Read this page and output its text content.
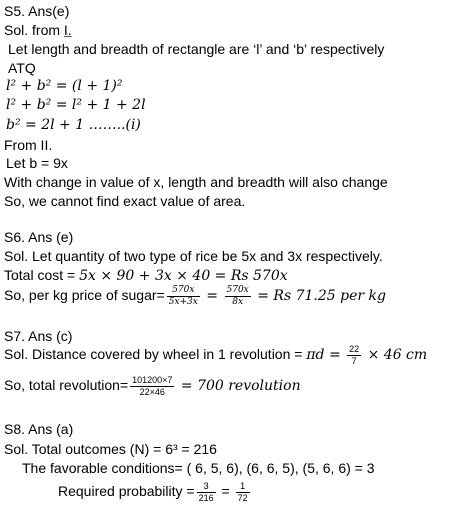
S5. Ans(e)
Sol. from I.
Let length and breadth of rectangle are ‘l’ and ‘b’ respectively
ATQ
l² + b² = (l + 1)²
l² + b² = l² + 1 + 2l
b² = 2l + 1 ……..(i)
From II.
Let b = 9x
With change in value of x, length and breadth will also change
So, we cannot find exact value of area.
S6. Ans (e)
Sol. Let quantity of two type of rice be 5x and 3x respectively.
Total cost = 5x × 90 + 3x × 40 = Rs 570x
So, per kg price of sugar= $\frac{570x}{5x+3x} = \frac{570x}{8x} = Rs$ 71.25 per kg
S7. Ans (c)
Sol. Distance covered by wheel in 1 revolution = $\pi d = \frac{22}{7} \times 46$ cm
So, total revolution= $\frac{101200\times 7}{22\times 46} = 700$ revolution
S8. Ans (a)
Sol. Total outcomes (N) = 6³ = 216
The favorable conditions= ( 6, 5, 6), (6, 6, 5), (5, 6, 6) = 3
Required probability = $\frac{3}{216} = \frac{1}{72}$
